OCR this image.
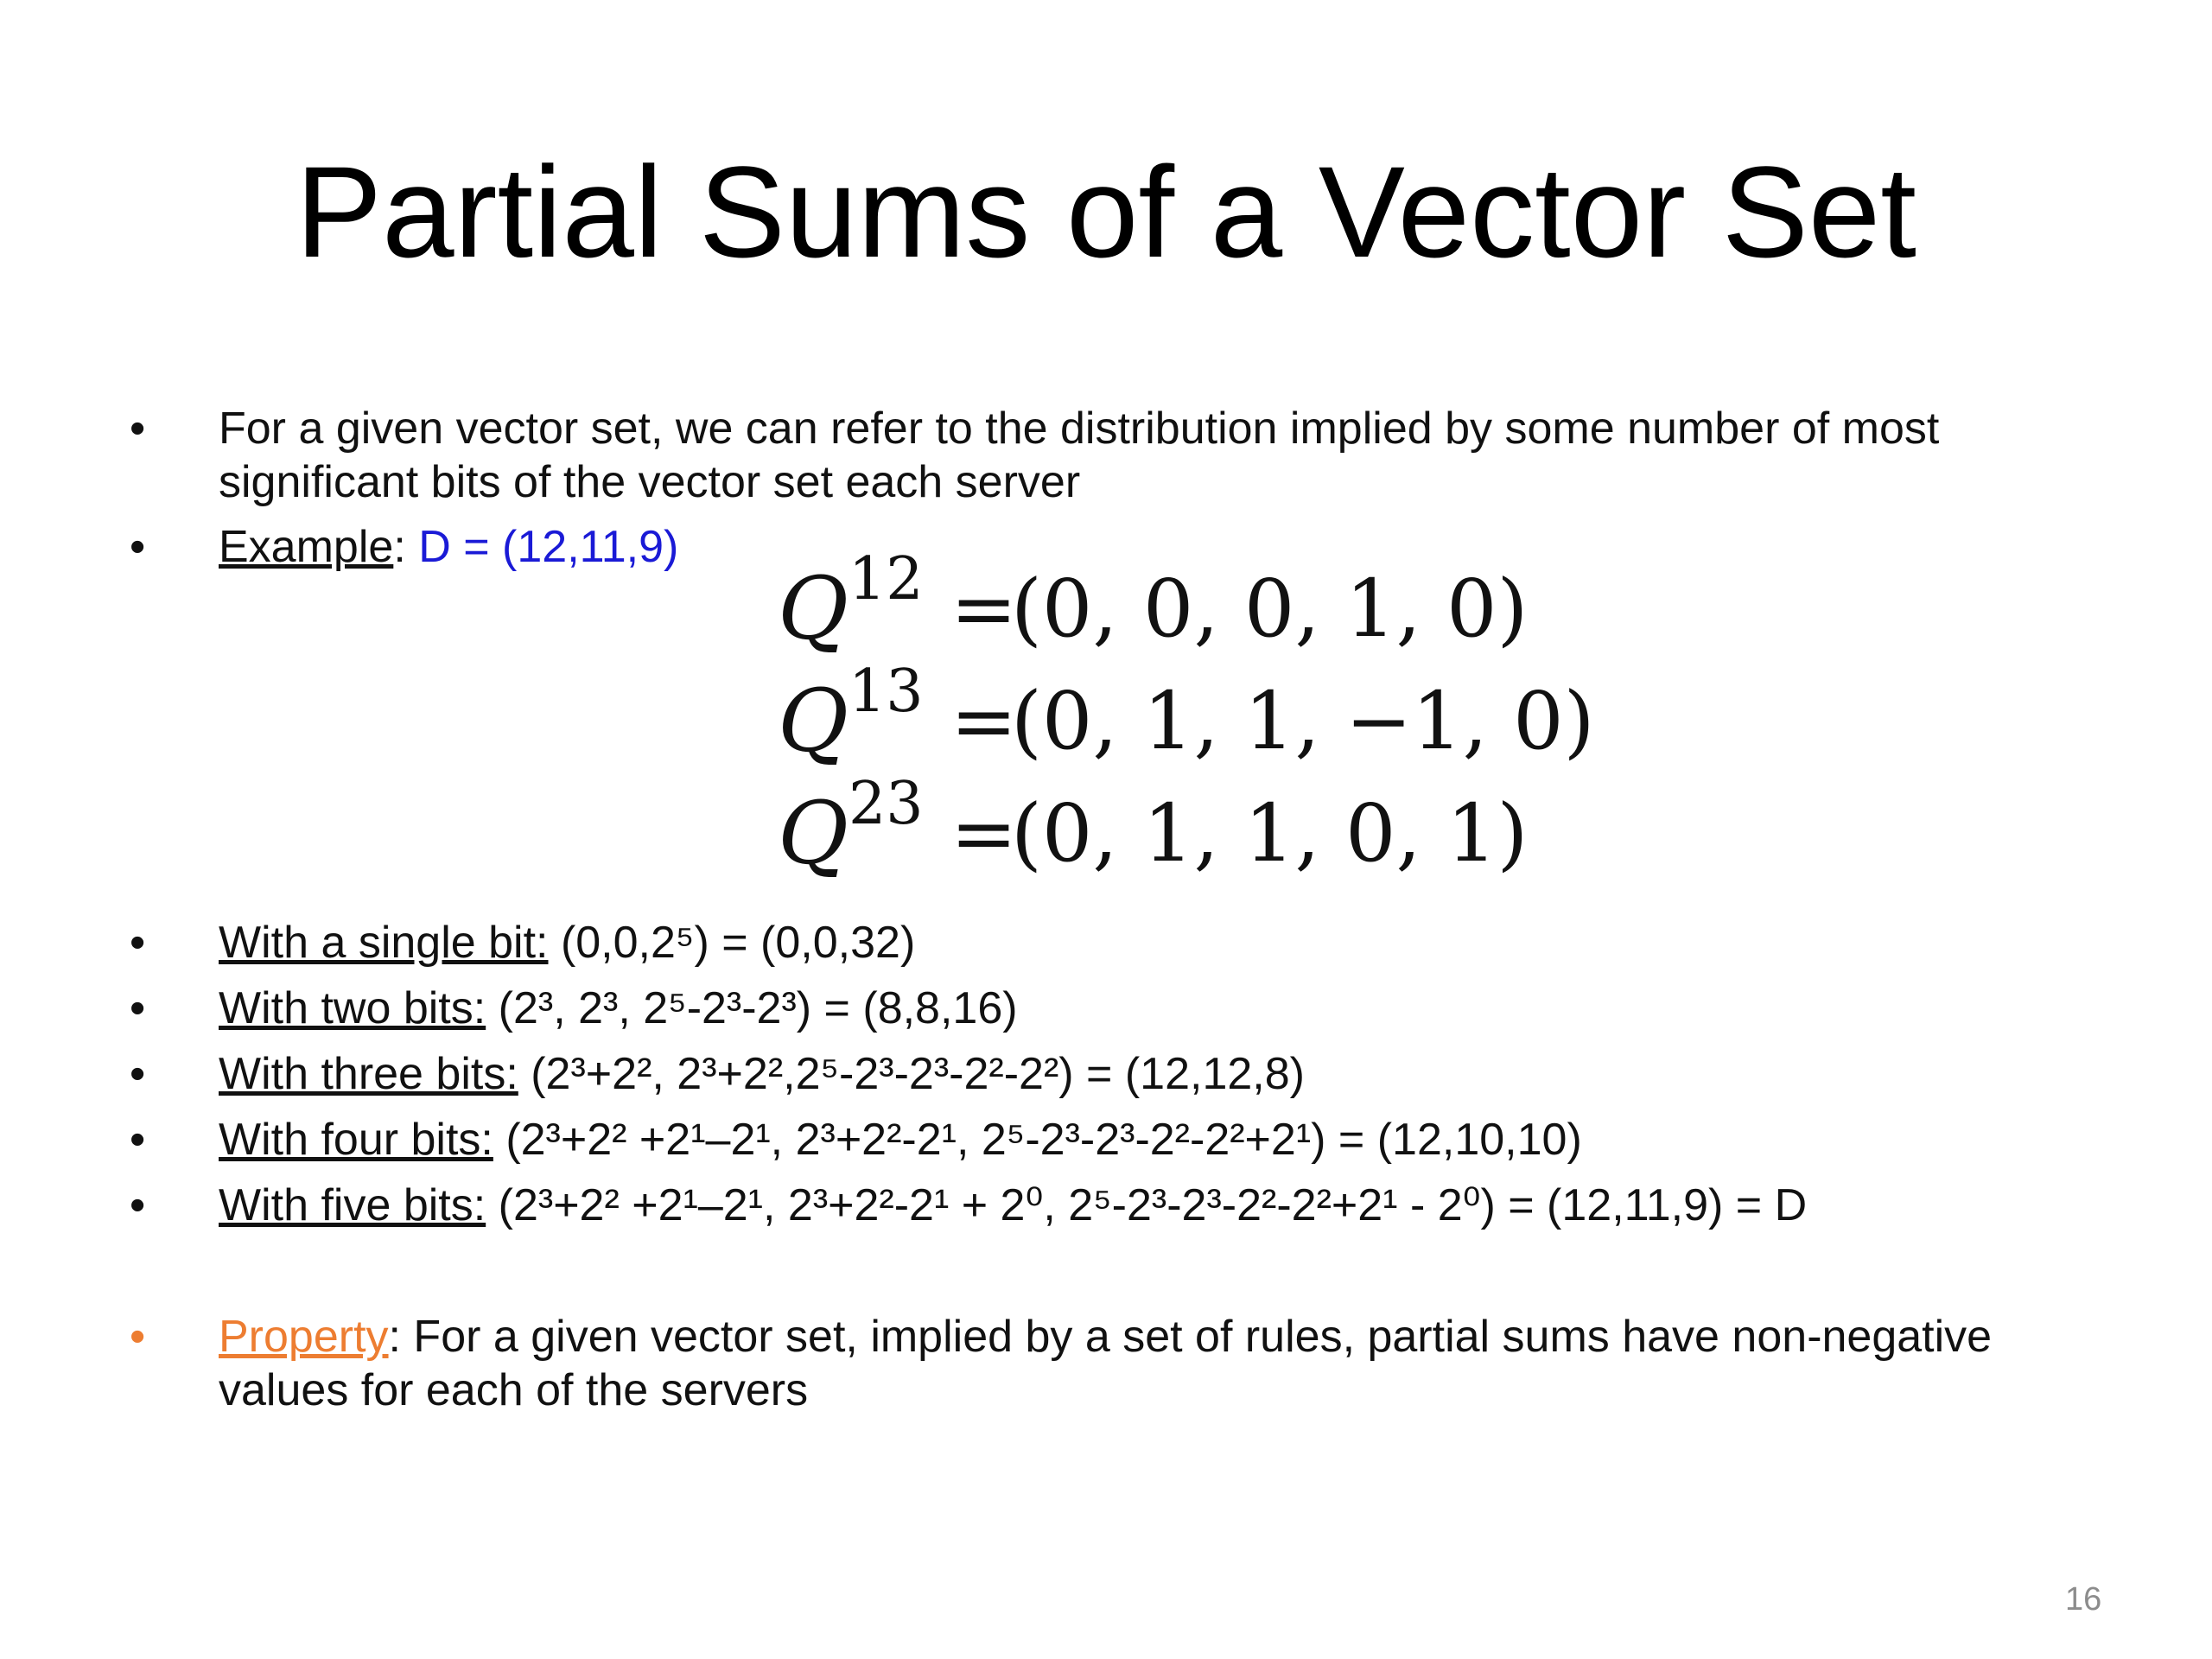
Partial Sums of a Vector Set
•	For a given vector set, we can refer to the distribution implied by some number of most significant bits of the vector set each server
•	Example: D = (12,11,9)
$Q^{12}$ =
(0, 0, 0, 1, 0)
$Q^{13}$ =
(0, 1, 1, −1, 0)
$Q^{23}$ =
(0, 1, 1, 0, 1)
•	With a single bit: (0,0,2⁵) = (0,0,32)
•	With two bits: (2³, 2³, 2⁵-2³-2³) = (8,8,16)
•	With three bits: (2³+2², 2³+2²,2⁵-2³-2³-2²-2²) = (12,12,8)
•	With four bits: (2³+2² +2¹–2¹, 2³+2²-2¹, 2⁵-2³-2³-2²-2²+2¹) = (12,10,10)
•	With five bits: (2³+2² +2¹–2¹, 2³+2²-2¹ + 2⁰, 2⁵-2³-2³-2²-2²+2¹ - 2⁰) = (12,11,9) = D
•	Property: For a given vector set, implied by a set of rules, partial sums have non-negative values for each of the servers
16
